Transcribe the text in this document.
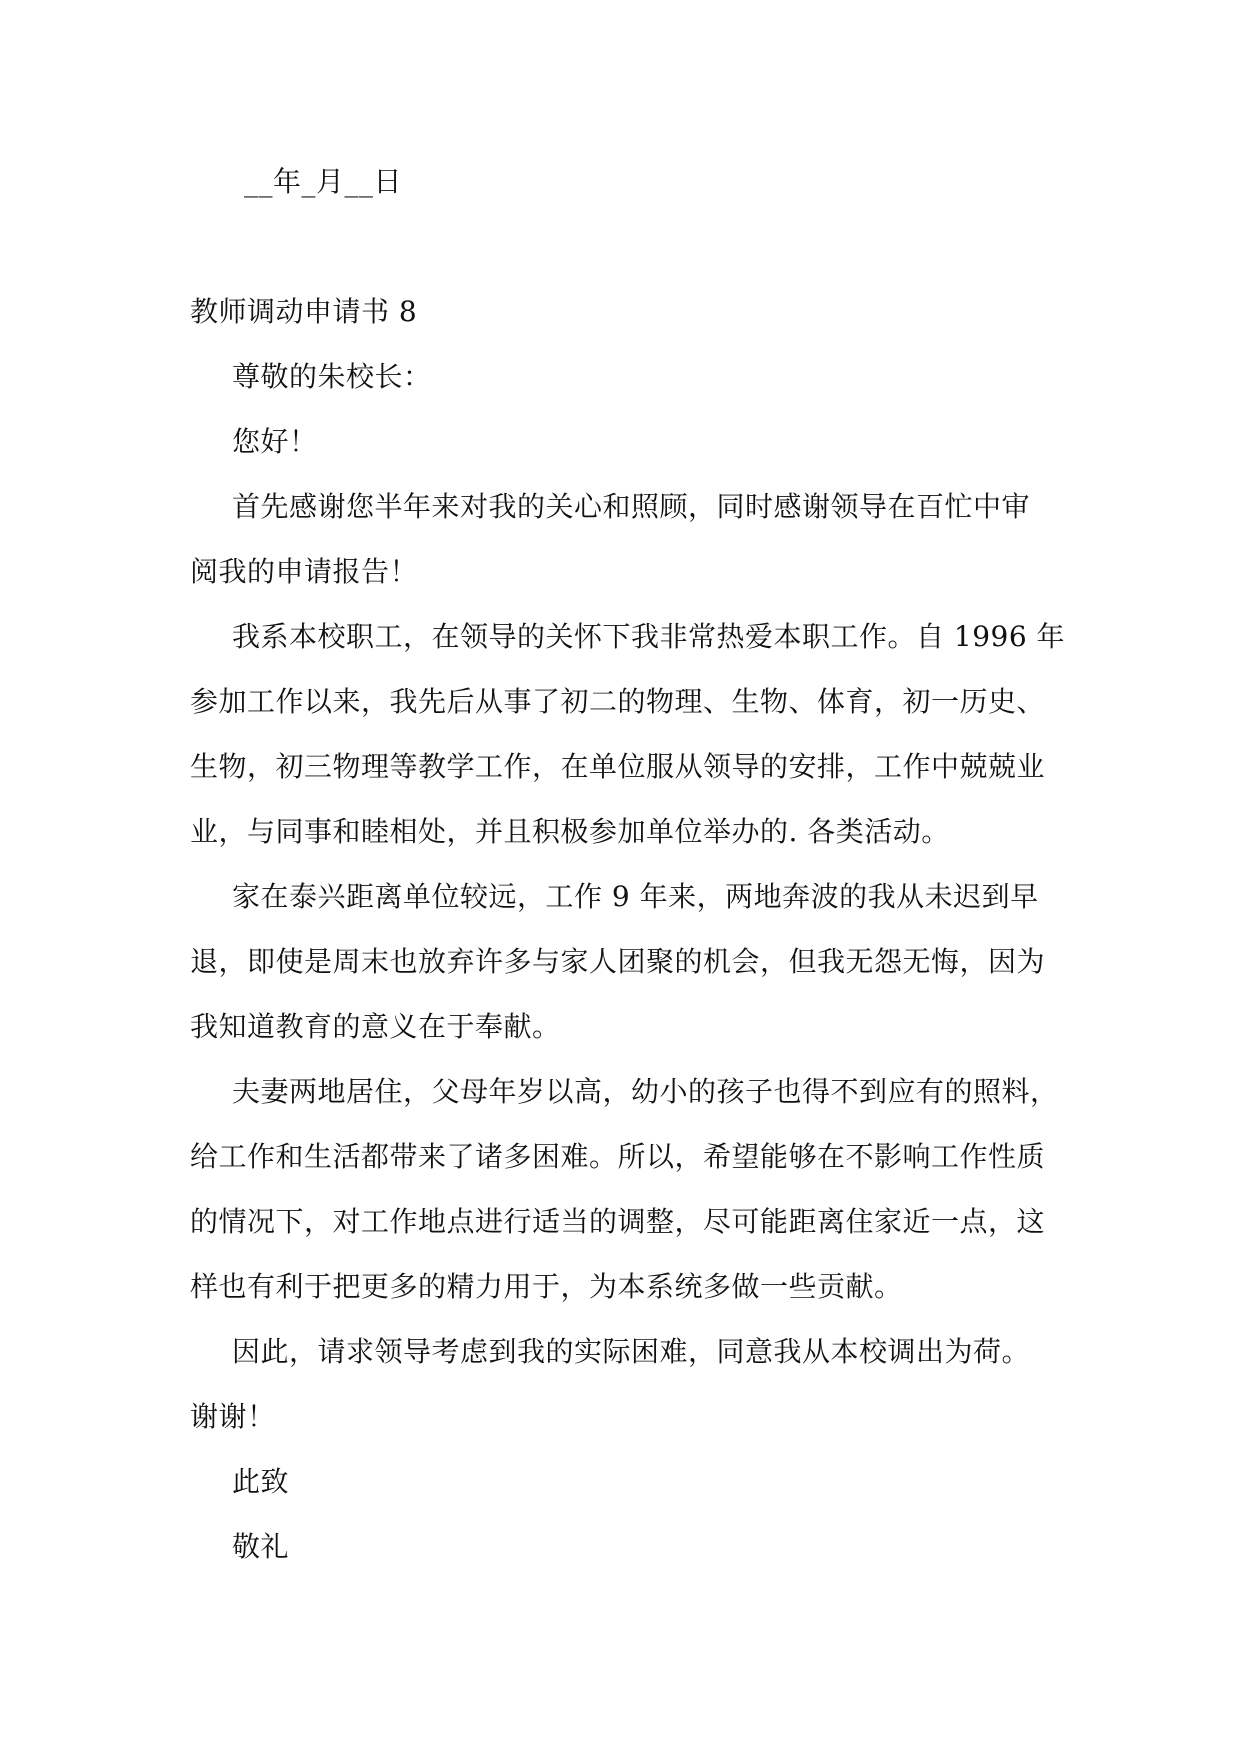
__年_月__日
教师调动申请书 8
尊敬的朱校长：
您好！
首先感谢您半年来对我的关心和照顾，同时感谢领导在百忙中审
阅我的申请报告！
我系本校职工，在领导的关怀下我非常热爱本职工作。自 1996 年
参加工作以来，我先后从事了初二的物理、生物、体育，初一历史、
生物，初三物理等教学工作，在单位服从领导的安排，工作中兢兢业
业，与同事和睦相处，并且积极参加单位举办的. 各类活动。
家在泰兴距离单位较远，工作 9 年来，两地奔波的我从未迟到早
退，即使是周末也放弃许多与家人团聚的机会，但我无怨无悔，因为
我知道教育的意义在于奉献。
夫妻两地居住，父母年岁以高，幼小的孩子也得不到应有的照料，
给工作和生活都带来了诸多困难。所以，希望能够在不影响工作性质
的情况下，对工作地点进行适当的调整，尽可能距离住家近一点，这
样也有利于把更多的精力用于，为本系统多做一些贡献。
因此，请求领导考虑到我的实际困难，同意我从本校调出为荷。
谢谢！
此致
敬礼
